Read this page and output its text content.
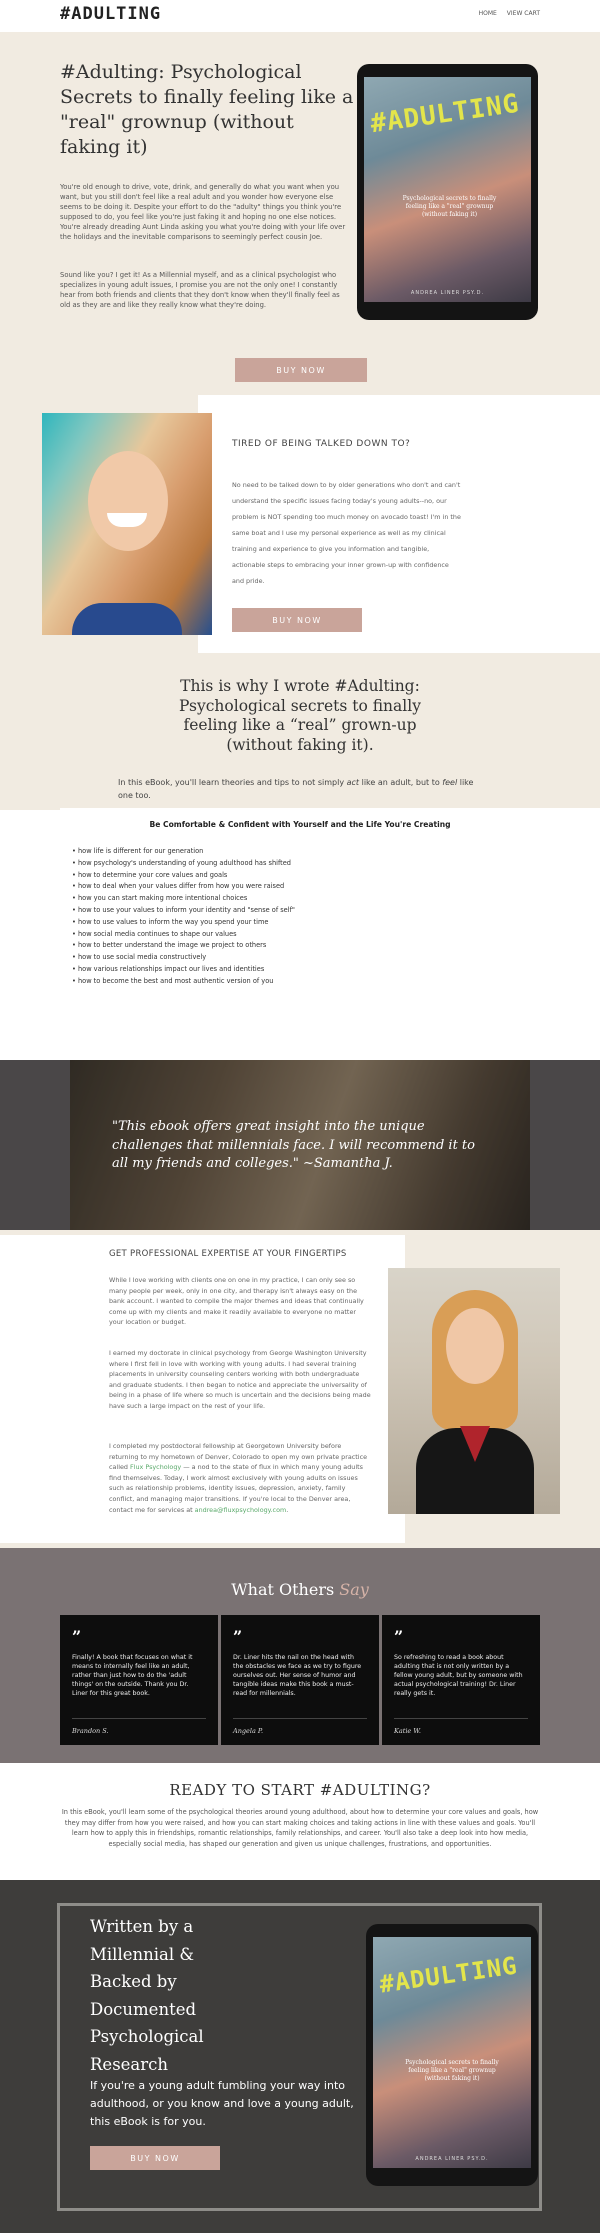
#ADULTING	HOME VIEW CART
#Adulting: Psychological Secrets to finally feeling like a "real" grownup (without faking it)
You're old enough to drive, vote, drink, and generally do what you want when you want, but you still don't feel like a real adult and you wonder how everyone else seems to be doing it. Despite your effort to do the "adulty" things you think you're supposed to do, you feel like you're just faking it and hoping no one else notices. You're already dreading Aunt Linda asking you what you're doing with your life over the holidays and the inevitable comparisons to seemingly perfect cousin Joe.
Sound like you? I get it! As a Millennial myself, and as a clinical psychologist who specializes in young adult issues, I promise you are not the only one! I constantly hear from both friends and clients that they don't know when they'll finally feel as old as they are and like they really know what they're doing.
#ADULTING
Psychological secrets to finally feeling like a "real" grownup (without faking it)
ANDREA LINER PSY.D.
BUY NOW
TIRED OF BEING TALKED DOWN TO?
No need to be talked down to by older generations who don't and can't understand the specific issues facing today's young adults--no, our problem is NOT spending too much money on avocado toast! I'm in the same boat and I use my personal experience as well as my clinical training and experience to give you information and tangible, actionable steps to embracing your inner grown-up with confidence and pride.
BUY NOW
This is why I wrote #Adulting: Psychological secrets to finally feeling like a “real” grown-up (without faking it).
In this eBook, you'll learn theories and tips to not simply act like an adult, but to feel like one too.
Be Comfortable & Confident with Yourself and the Life You're Creating
• how life is different for our generation
• how psychology's understanding of young adulthood has shifted
• how to determine your core values and goals
• how to deal when your values differ from how you were raised
• how you can start making more intentional choices
• how to use your values to inform your identity and "sense of self"
• how to use values to inform the way you spend your time
• how social media continues to shape our values
• how to better understand the image we project to others
• how to use social media constructively
• how various relationships impact our lives and identities
• how to become the best and most authentic version of you
"This ebook offers great insight into the unique challenges that millennials face. I will recommend it to all my friends and colleges." ~Samantha J.
GET PROFESSIONAL EXPERTISE AT YOUR FINGERTIPS
While I love working with clients one on one in my practice, I can only see so many people per week, only in one city, and therapy isn't always easy on the bank account. I wanted to compile the major themes and ideas that continually come up with my clients and make it readily available to everyone no matter your location or budget.
I earned my doctorate in clinical psychology from George Washington University where I first fell in love with working with young adults. I had several training placements in university counseling centers working with both undergraduate and graduate students. I then began to notice and appreciate the universality of being in a phase of life where so much is uncertain and the decisions being made have such a large impact on the rest of your life.
I completed my postdoctoral fellowship at Georgetown University before returning to my hometown of Denver, Colorado to open my own private practice called Flux Psychology — a nod to the state of flux in which many young adults find themselves. Today, I work almost exclusively with young adults on issues such as relationship problems, identity issues, depression, anxiety, family conflict, and managing major transitions. If you're local to the Denver area, contact me for services at andrea@fluxpsychology.com.
What Others Say
”
Finally! A book that focuses on what it means to internally feel like an adult, rather than just how to do the 'adult things' on the outside. Thank you Dr. Liner for this great book.
Brandon S.
”
Dr. Liner hits the nail on the head with the obstacles we face as we try to figure ourselves out. Her sense of humor and tangible ideas make this book a must-read for millennials.
Angela P.
”
So refreshing to read a book about adulting that is not only written by a fellow young adult, but by someone with actual psychological training! Dr. Liner really gets it.
Katie W.
READY TO START #ADULTING?
In this eBook, you'll learn some of the psychological theories around young adulthood, about how to determine your core values and goals, how they may differ from how you were raised, and how you can start making choices and taking actions in line with these values and goals. You'll learn how to apply this in friendships, romantic relationships, family relationships, and career. You'll also take a deep look into how media, especially social media, has shaped our generation and given us unique challenges, frustrations, and opportunities.
Written by a Millennial & Backed by Documented Psychological Research
If you're a young adult fumbling your way into adulthood, or you know and love a young adult, this eBook is for you.
BUY NOW
#ADULTING
Psychological secrets to finally feeling like a "real" grownup (without faking it)
ANDREA LINER PSY.D.
